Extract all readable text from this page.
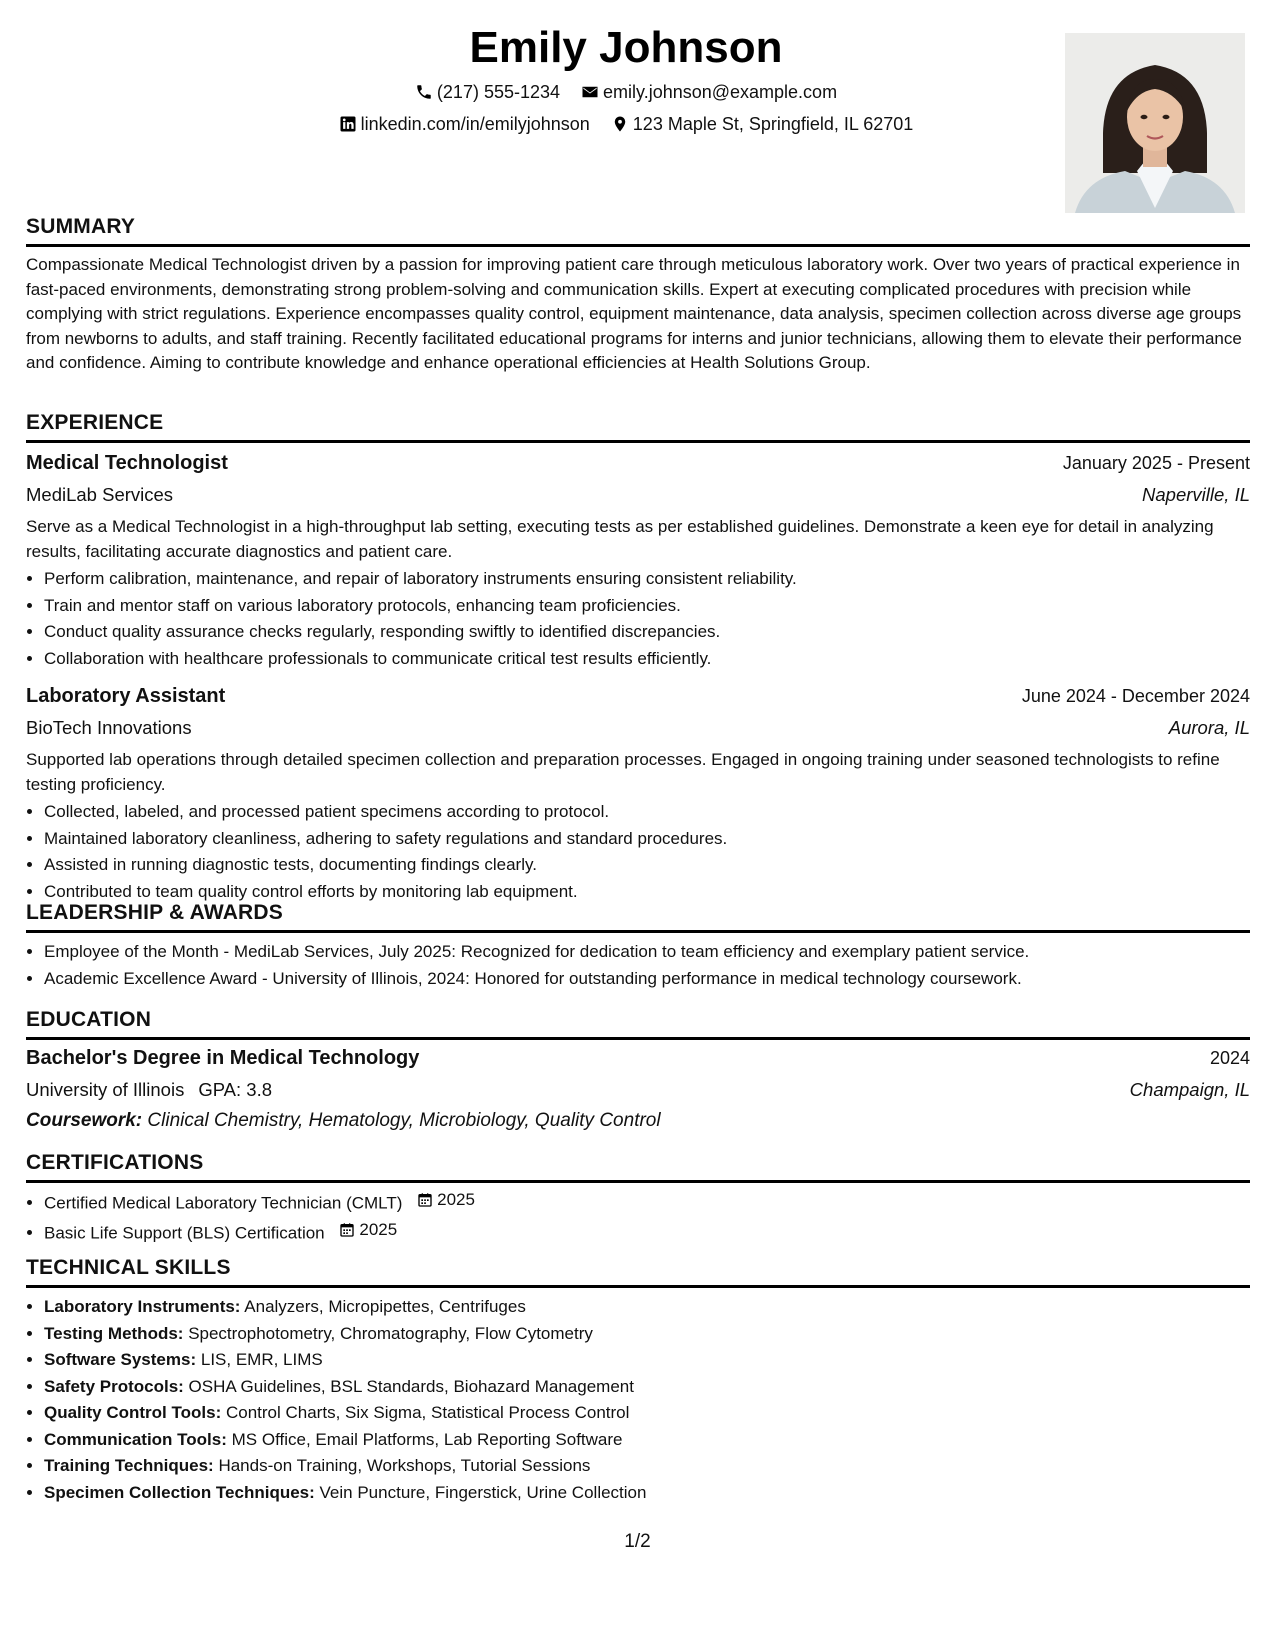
Emily Johnson
(217) 555-1234
emily.johnson@example.com
linkedin.com/in/emilyjohnson
123 Maple St, Springfield, IL 62701
SUMMARY

Compassionate Medical Technologist driven by a passion for improving patient care through meticulous laboratory work. Over two years of practical experience in fast-paced environments, demonstrating strong problem-solving and communication skills. Expert at executing complicated procedures with precision while complying with strict regulations. Experience encompasses quality control, equipment maintenance, data analysis, specimen collection across diverse age groups from newborns to adults, and staff training. Recently facilitated educational programs for interns and junior technicians, allowing them to elevate their performance and confidence. Aiming to contribute knowledge and enhance operational efficiencies at Health Solutions Group.

EXPERIENCE
Medical Technologist	January 2025 - Present
MediLab Services	Naperville, IL

Serve as a Medical Technologist in a high-throughput lab setting, executing tests as per established guidelines. Demonstrate a keen eye for detail in analyzing results, facilitating accurate diagnostics and patient care.

• Perform calibration, maintenance, and repair of laboratory instruments ensuring consistent reliability.
• Train and mentor staff on various laboratory protocols, enhancing team proficiencies.
• Conduct quality assurance checks regularly, responding swiftly to identified discrepancies.
• Collaboration with healthcare professionals to communicate critical test results efficiently.
Laboratory Assistant	June 2024 - December 2024
BioTech Innovations	Aurora, IL

Supported lab operations through detailed specimen collection and preparation processes. Engaged in ongoing training under seasoned technologists to refine testing proficiency.

• Collected, labeled, and processed patient specimens according to protocol.
• Maintained laboratory cleanliness, adhering to safety regulations and standard procedures.
• Assisted in running diagnostic tests, documenting findings clearly.
• Contributed to team quality control efforts by monitoring lab equipment.
LEADERSHIP & AWARDS
• Employee of the Month - MediLab Services, July 2025: Recognized for dedication to team efficiency and exemplary patient service.
• Academic Excellence Award - University of Illinois, 2024: Honored for outstanding performance in medical technology coursework.
EDUCATION
Bachelor's Degree in Medical Technology	2024
University of Illinois GPA: 3.8	Champaign, IL
Coursework: Clinical Chemistry, Hematology, Microbiology, Quality Control
CERTIFICATIONS
• Certified Medical Laboratory Technician (CMLT) 2025
• Basic Life Support (BLS) Certification 2025
TECHNICAL SKILLS
• Laboratory Instruments: Analyzers, Micropipettes, Centrifuges
• Testing Methods: Spectrophotometry, Chromatography, Flow Cytometry
• Software Systems: LIS, EMR, LIMS
• Safety Protocols: OSHA Guidelines, BSL Standards, Biohazard Management
• Quality Control Tools: Control Charts, Six Sigma, Statistical Process Control
• Communication Tools: MS Office, Email Platforms, Lab Reporting Software
• Training Techniques: Hands-on Training, Workshops, Tutorial Sessions
• Specimen Collection Techniques: Vein Puncture, Fingerstick, Urine Collection
1/2
